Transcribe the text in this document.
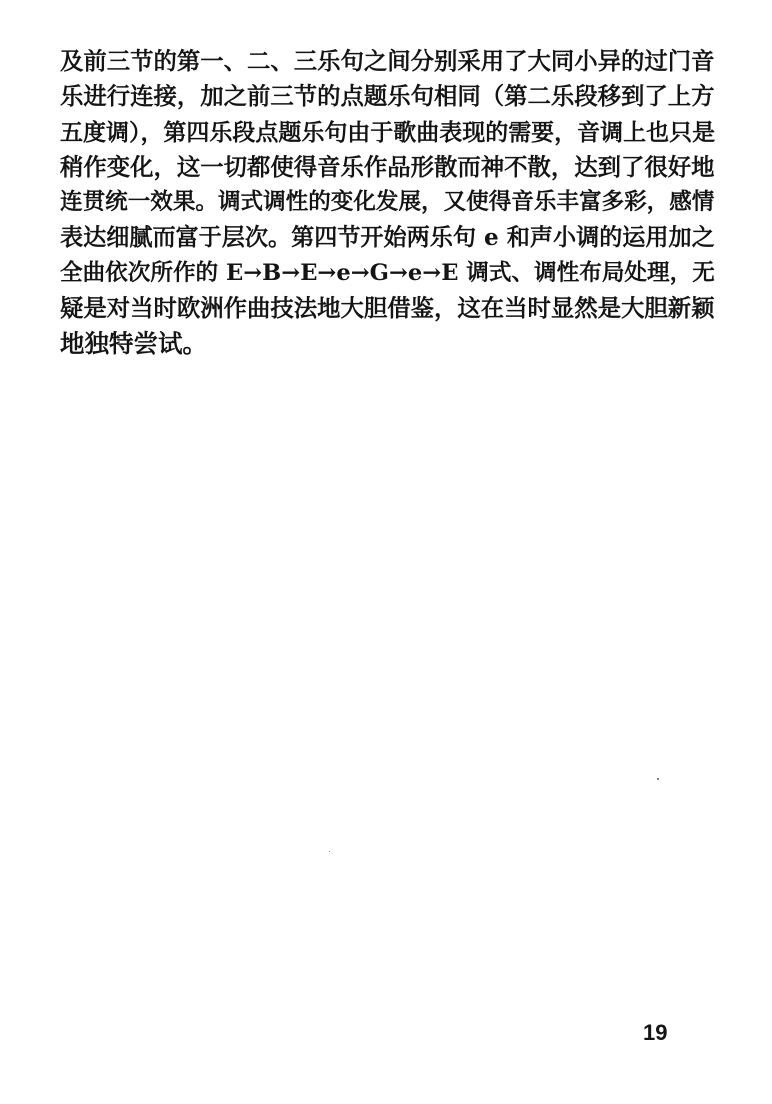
及前三节的第一、二、三乐句之间分别采用了大同小异的过门音
乐进行连接，加之前三节的点题乐句相同（第二乐段移到了上方
五度调），第四乐段点题乐句由于歌曲表现的需要，音调上也只是
稍作变化，这一切都使得音乐作品形散而神不散，达到了很好地
连贯统一效果。调式调性的变化发展，又使得音乐丰富多彩，感情
表达细腻而富于层次。第四节开始两乐句 e 和声小调的运用加之
全曲依次所作的 E→B→E→e→G→e→E 调式、调性布局处理，无
疑是对当时欧洲作曲技法地大胆借鉴，这在当时显然是大胆新颖
地独特尝试。
19
